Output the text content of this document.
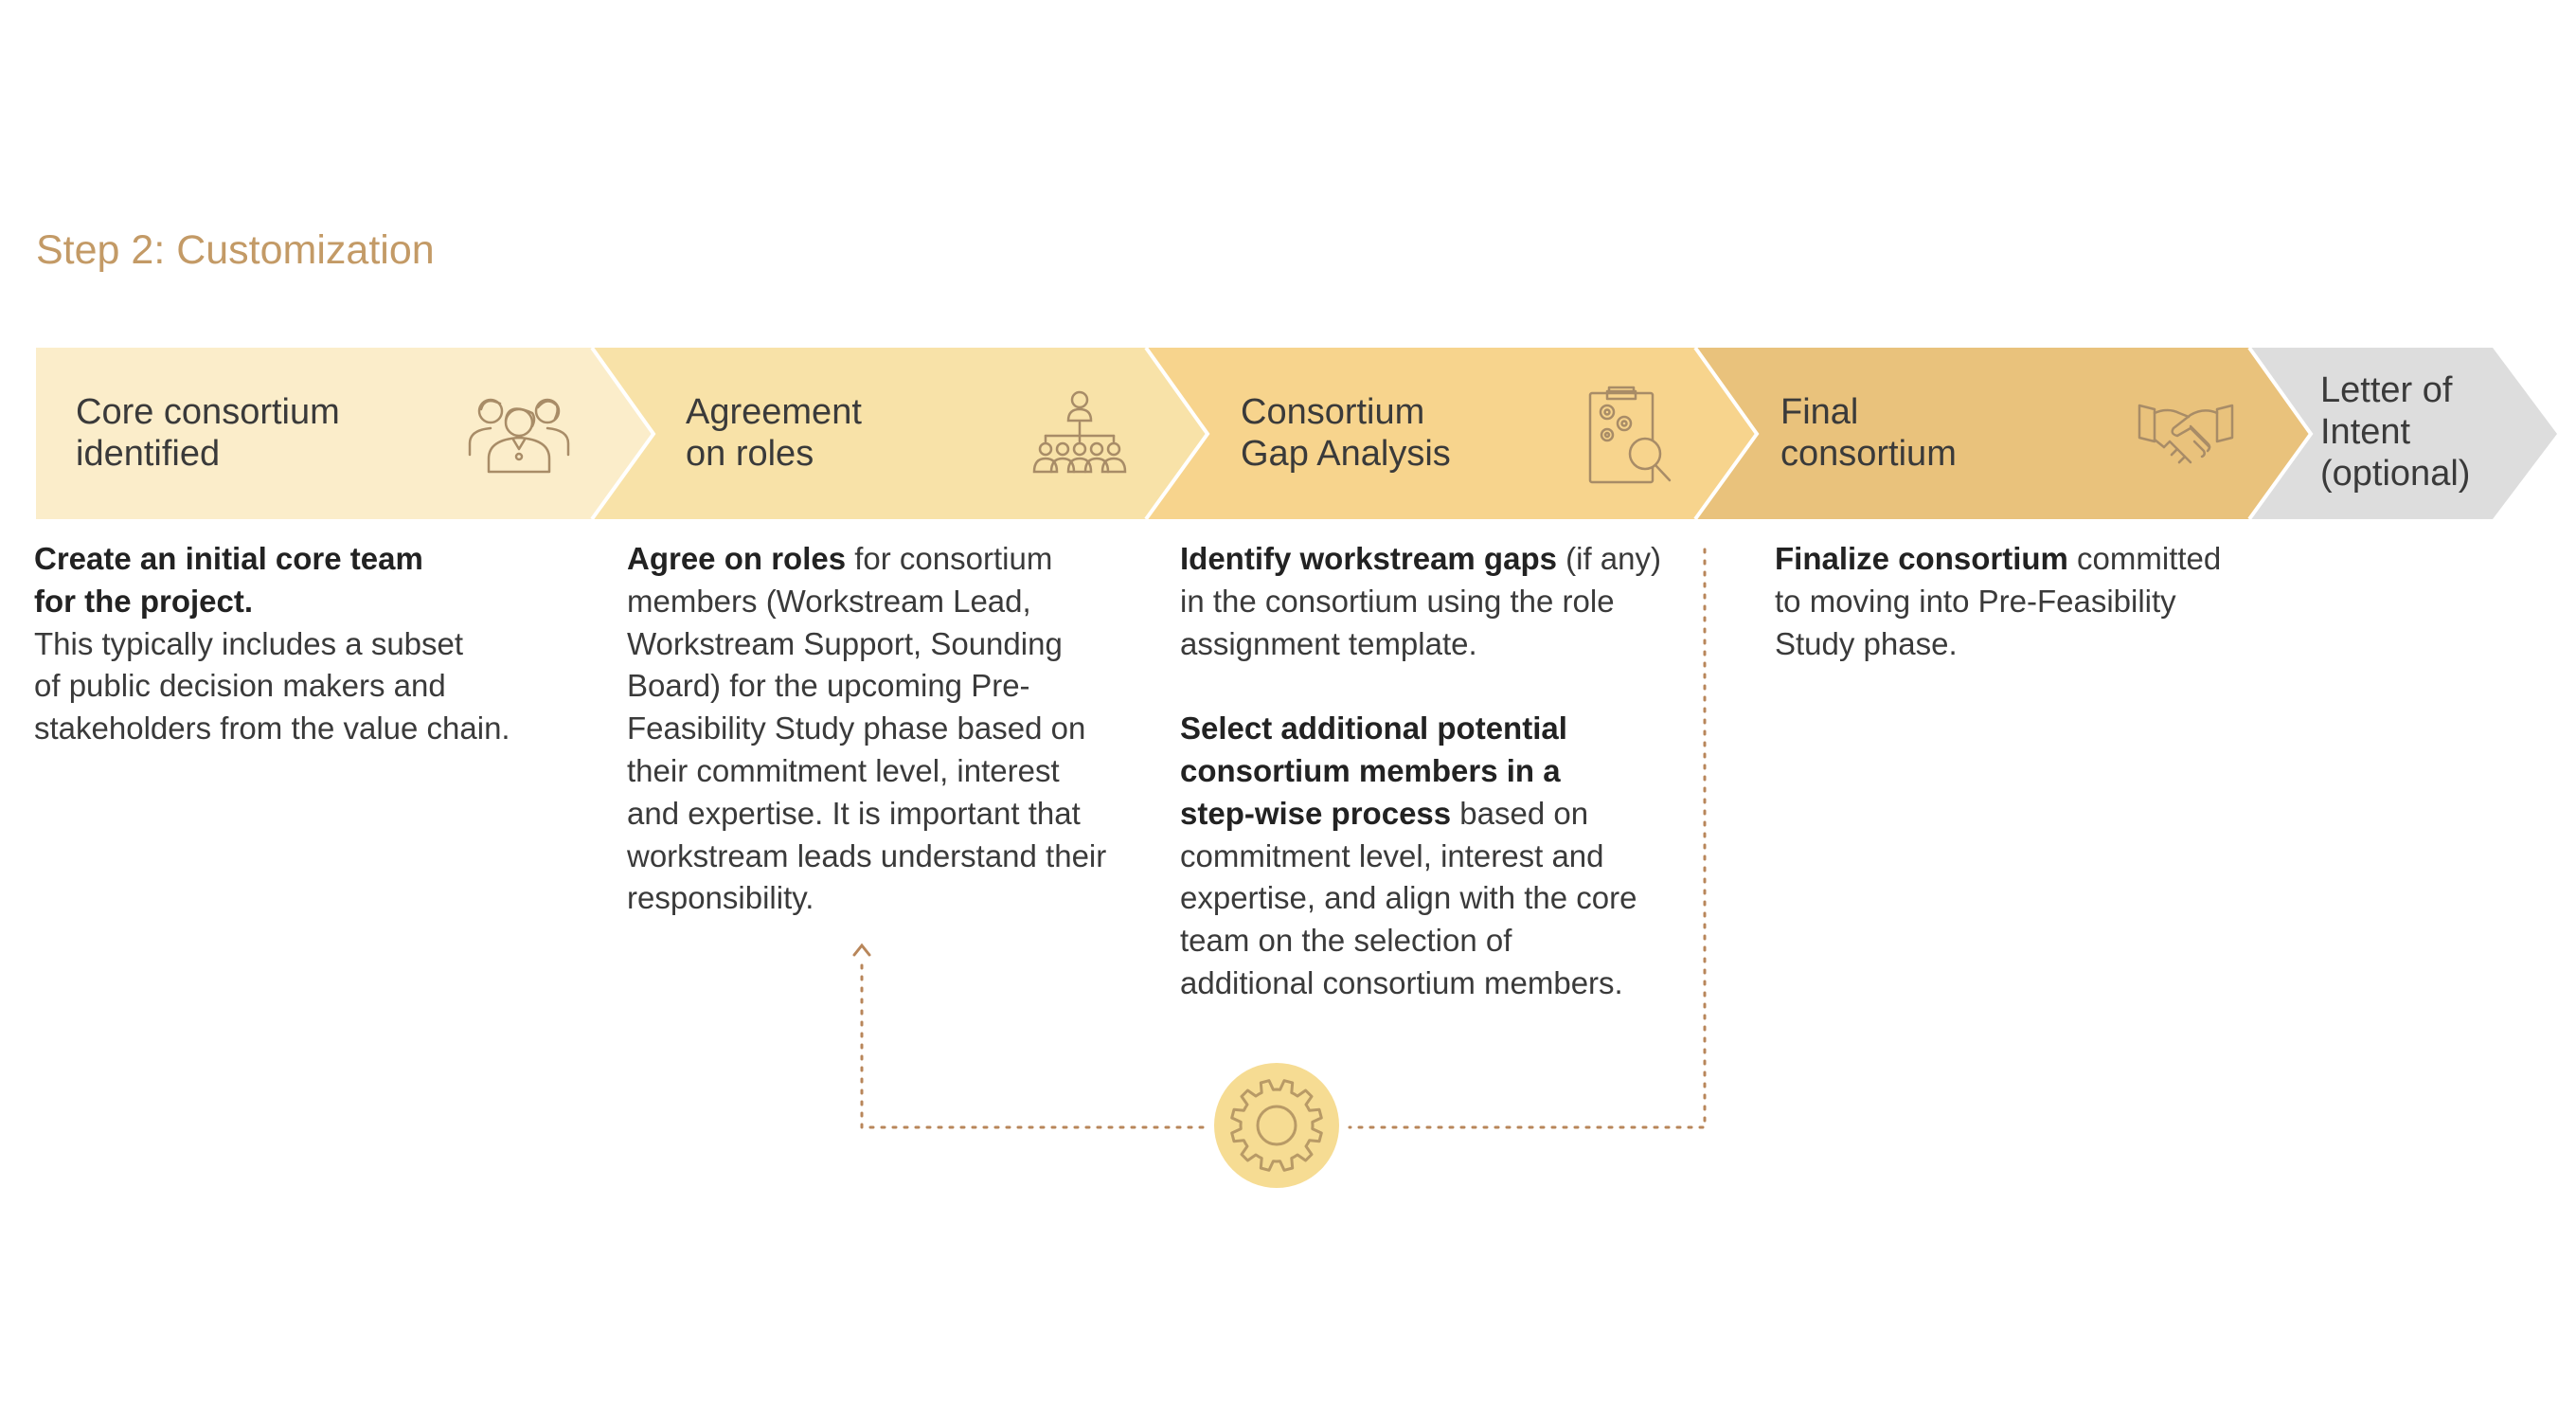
Step 2: Customization
Core consortium
identified
Agreement
on roles
Consortium
Gap Analysis
Final
consortium
Letter of
Intent
(optional)

Create an initial core team

for the project.

This typically includes a subset

of public decision makers and

stakeholders from the value chain.

Agree on roles for consortium

members (Workstream Lead,

Workstream Support, Sounding

Board) for the upcoming Pre-

Feasibility Study phase based on

their commitment level, interest

and expertise. It is important that

workstream leads understand their

responsibility.

Identify workstream gaps (if any)

in the consortium using the role

assignment template.

Select additional potential

consortium members in a

step-wise process based on

commitment level, interest and

expertise, and align with the core

team on the selection of

additional consortium members.

Finalize consortium committed

to moving into Pre-Feasibility

Study phase.
